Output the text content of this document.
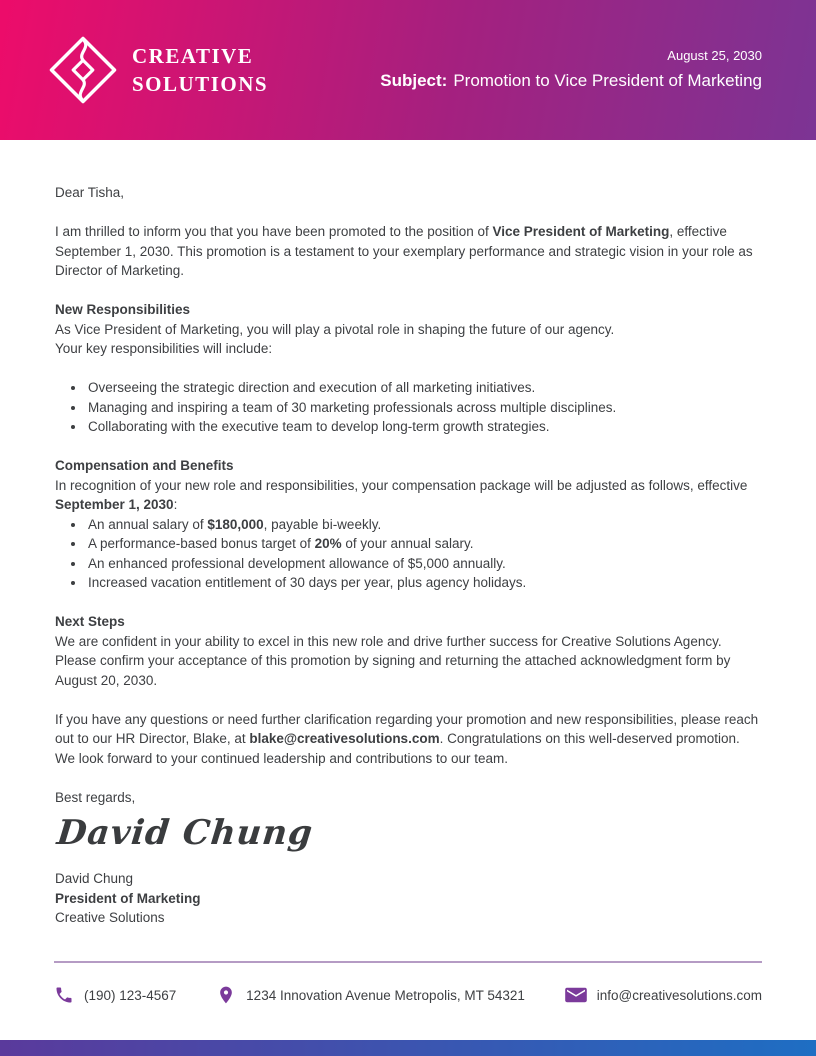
CREATIVE
SOLUTIONS
August 25, 2030
Subject: Promotion to Vice President of Marketing

Dear Tisha,

I am thrilled to inform you that you have been promoted to the position of Vice President of Marketing, effective September 1, 2030. This promotion is a testament to your exemplary performance and strategic vision in your role as Director of Marketing.

New Responsibilities
As Vice President of Marketing, you will play a pivotal role in shaping the future of our agency.
Your key responsibilities will include:
• Overseeing the strategic direction and execution of all marketing initiatives.
• Managing and inspiring a team of 30 marketing professionals across multiple disciplines.
• Collaborating with the executive team to develop long-term growth strategies.
Compensation and Benefits
In recognition of your new role and responsibilities, your compensation package will be adjusted as follows, effective September 1, 2030:
• An annual salary of $180,000, payable bi-weekly.
• A performance-based bonus target of 20% of your annual salary.
• An enhanced professional development allowance of $5,000 annually.
• Increased vacation entitlement of 30 days per year, plus agency holidays.
Next Steps
We are confident in your ability to excel in this new role and drive further success for Creative Solutions Agency. Please confirm your acceptance of this promotion by signing and returning the attached acknowledgment form by August 20, 2030.

If you have any questions or need further clarification regarding your promotion and new responsibilities, please reach out to our HR Director, Blake, at blake@creativesolutions.com. Congratulations on this well-deserved promotion. We look forward to your continued leadership and contributions to our team.

Best regards,
David Chung
David Chung
President of Marketing
Creative Solutions
(190) 123-4567	1234 Innovation Avenue Metropolis, MT 54321	info@creativesolutions.com
